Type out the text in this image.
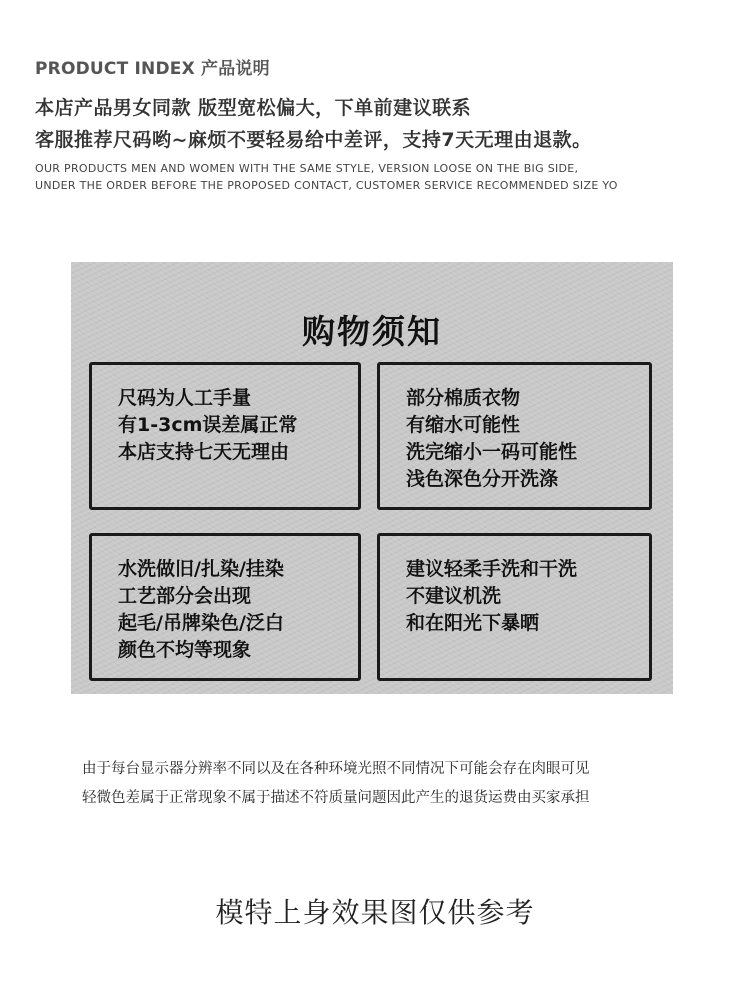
PRODUCT INDEX 产品说明
本店产品男女同款 版型宽松偏大，下单前建议联系
客服推荐尺码哟~麻烦不要轻易给中差评，支持7天无理由退款。
OUR PRODUCTS MEN AND WOMEN WITH THE SAME STYLE, VERSION LOOSE ON THE BIG SIDE,
UNDER THE ORDER BEFORE THE PROPOSED CONTACT, CUSTOMER SERVICE RECOMMENDED SIZE YO
购物须知
尺码为人工手量
有1-3cm误差属正常
本店支持七天无理由
部分棉质衣物
有缩水可能性
洗完缩小一码可能性
浅色深色分开洗涤
水洗做旧/扎染/挂染
工艺部分会出现
起毛/吊牌染色/泛白
颜色不均等现象
建议轻柔手洗和干洗
不建议机洗
和在阳光下暴晒
由于每台显示器分辨率不同以及在各种环境光照不同情况下可能会存在肉眼可见
轻微色差属于正常现象不属于描述不符质量问题因此产生的退货运费由买家承担
模特上身效果图仅供参考
